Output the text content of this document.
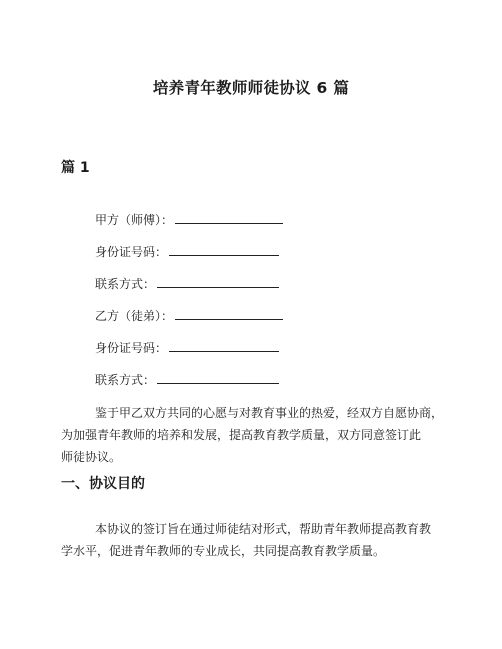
培养青年教师师徒协议 6 篇
篇 1

甲方（师傅）：

身份证号码：

联系方式：

乙方（徒弟）：

身份证号码：

联系方式：

鉴于甲乙双方共同的心愿与对教育事业的热爱，经双方自愿协商，
为加强青年教师的培养和发展，提高教育教学质量，双方同意签订此
师徒协议。

一、协议目的

本协议的签订旨在通过师徒结对形式，帮助青年教师提高教育教
学水平，促进青年教师的专业成长，共同提高教育教学质量。
